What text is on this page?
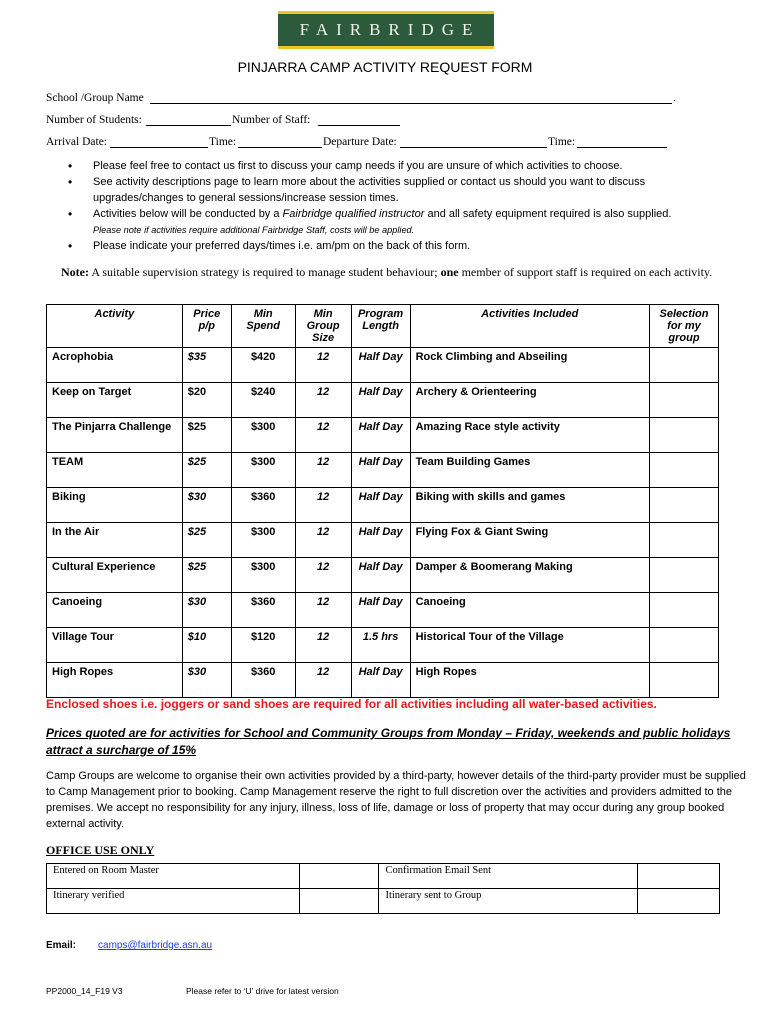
FAIRBRIDGE
PINJARRA CAMP ACTIVITY REQUEST FORM
School /Group Name	.
Number of Students:	Number of Staff:
Arrival Date:	Time:	Departure Date:	Time:
• Please feel free to contact us first to discuss your camp needs if you are unsure of which activities to choose.
• See activity descriptions page to learn more about the activities supplied or contact us should you want to discuss upgrades/changes to general sessions/increase session times.
• Activities below will be conducted by a Fairbridge qualified instructor and all safety equipment required is also supplied.
Please note if activities require additional Fairbridge Staff, costs will be applied.
• Please indicate your preferred days/times i.e. am/pm on the back of this form.
Note: A suitable supervision strategy is required to manage student behaviour; one member of support staff is required on each activity.
Activity	Price p/p	Min Spend	Min Group Size	Program Length	Activities Included	Selection for my group
Acrophobia	$35	$420	12	Half Day	Rock Climbing and Abseiling	
Keep on Target	$20	$240	12	Half Day	Archery & Orienteering	
The Pinjarra Challenge	$25	$300	12	Half Day	Amazing Race style activity	
TEAM	$25	$300	12	Half Day	Team Building Games	
Biking	$30	$360	12	Half Day	Biking with skills and games	
In the Air	$25	$300	12	Half Day	Flying Fox & Giant Swing	
Cultural Experience	$25	$300	12	Half Day	Damper & Boomerang Making	
Canoeing	$30	$360	12	Half Day	Canoeing	
Village Tour	$10	$120	12	1.5 hrs	Historical Tour of the Village	
High Ropes	$30	$360	12	Half Day	High Ropes	
Enclosed shoes i.e. joggers or sand shoes are required for all activities including all water-based activities.
Prices quoted are for activities for School and Community Groups from Monday – Friday, weekends and public holidays attract a surcharge of 15%
Camp Groups are welcome to organise their own activities provided by a third-party, however details of the third-party provider must be supplied to Camp Management prior to booking. Camp Management reserve the right to full discretion over the activities and providers admitted to the premises. We accept no responsibility for any injury, illness, loss of life, damage or loss of property that may occur during any group booked external activity.
OFFICE USE ONLY
Entered on Room Master		Confirmation Email Sent	
Itinerary verified		Itinerary sent to Group	
Email: camps@fairbridge.asn.au
PP2000_14_F19 V3	Please refer to ‘U’ drive for latest version
